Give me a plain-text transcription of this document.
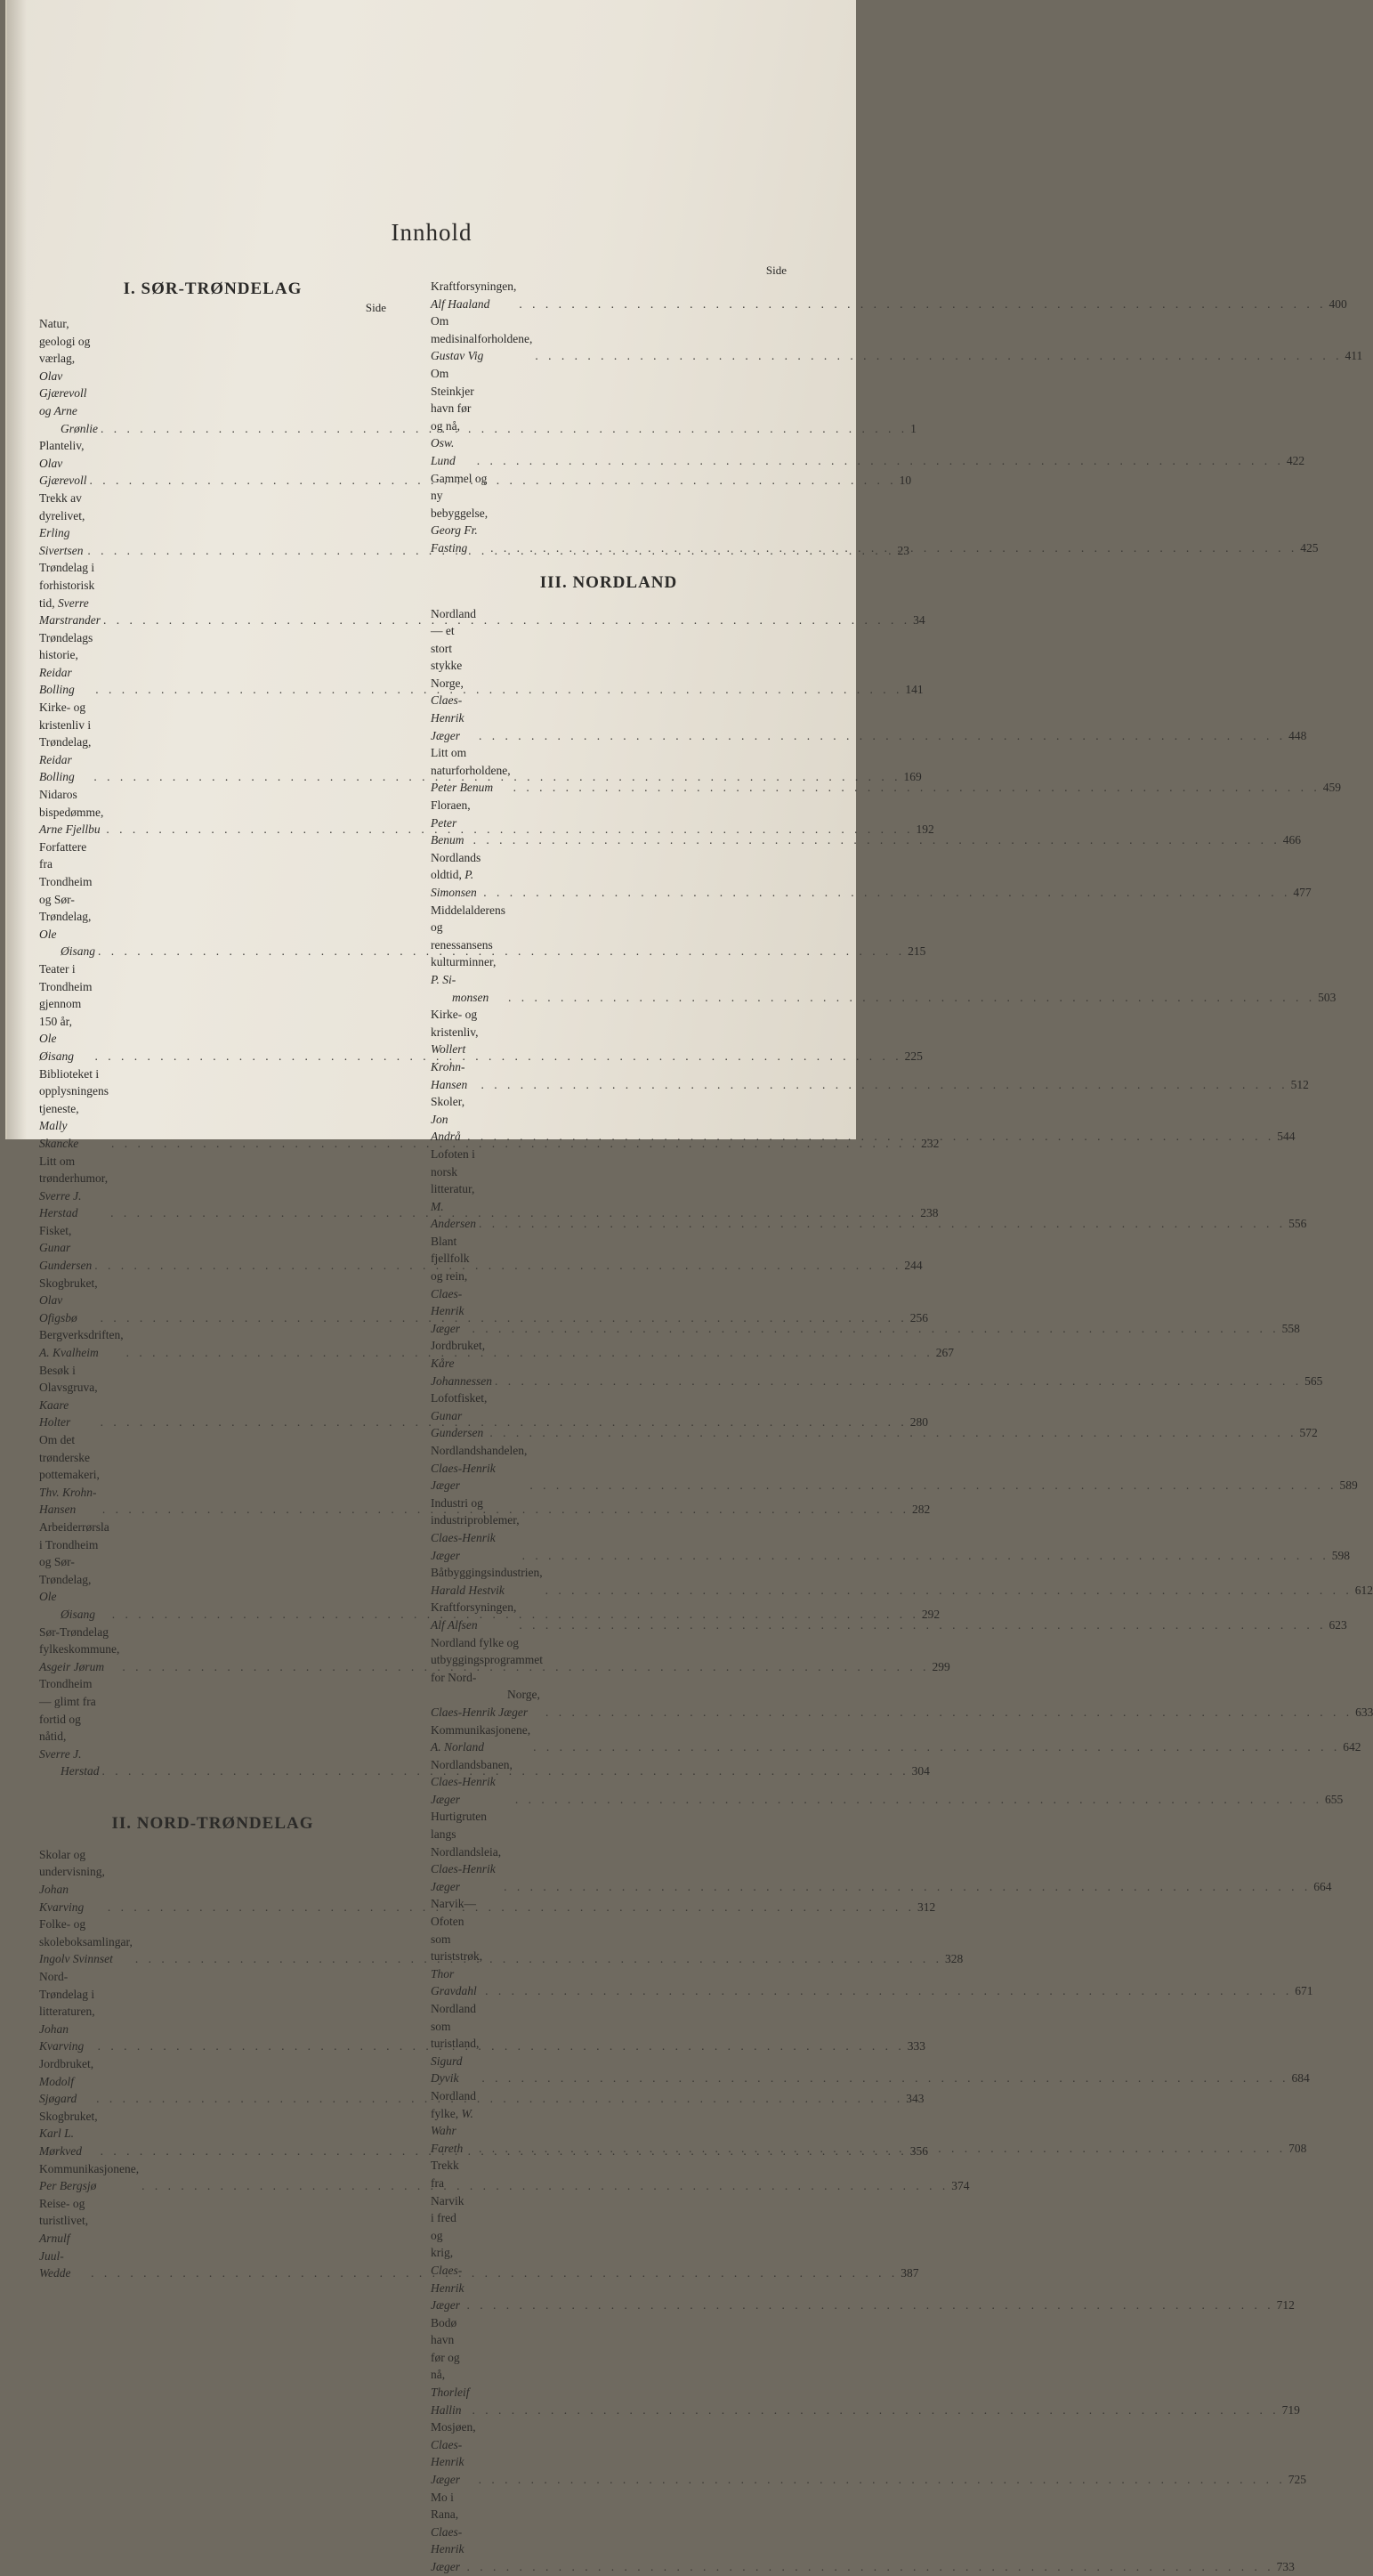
Innhold
I. SØR-TRØNDELAG

Side

Natur, geologi og værlag, Olav Gjærevoll og Arne
Grønlie . . .	1
Planteliv, Olav Gjærevoll . . .	10
Trekk av dyrelivet, Erling Sivertsen . . .	23
Trøndelag i forhistorisk tid, Sverre Marstrander . . .	34
Trøndelags historie, Reidar Bolling . . .	141
Kirke- og kristenliv i Trøndelag, Reidar Bolling . . .	169
Nidaros bispedømme, Arne Fjellbu . . .	192
Forfattere fra Trondheim og Sør-Trøndelag, Ole
Øisang . . .	215
Teater i Trondheim gjennom 150 år, Ole Øisang . . .	225
Biblioteket i opplysningens tjeneste, Mally Skancke . . .	232
Litt om trønderhumor, Sverre J. Herstad . . .	238
Fisket, Gunar Gundersen . . .	244
Skogbruket, Olav Ofigsbø . . .	256
Bergverksdriften, A. Kvalheim . . .	267
Besøk i Olavsgruva, Kaare Holter . . .	280
Om det trønderske pottemakeri, Thv. Krohn-Hansen . . .	282
Arbeiderrørsla i Trondheim og Sør-Trøndelag, Ole
Øisang . . .	292
Sør-Trøndelag fylkeskommune, Asgeir Jørum . . .	299
Trondheim — glimt fra fortid og nåtid, Sverre J.
Herstad . . .	304
II. NORD-TRØNDELAG
Skolar og undervisning, Johan Kvarving . . .	312
Folke- og skoleboksamlingar, Ingolv Svinnset . . .	328
Nord-Trøndelag i litteraturen, Johan Kvarving . . .	333
Jordbruket, Modolf Sjøgard . . .	343
Skogbruket, Karl L. Mørkved . . .	356
Kommunikasjonene, Per Bergsjø . . .	374
Reise- og turistlivet, Arnulf Juul-Wedde . . .	387

Side

Kraftforsyningen, Alf Haaland . . .	400
Om medisinalforholdene, Gustav Vig . . .	411
Om Steinkjer havn før og nå, Osw. Lund . . .	422
Gammel og ny bebyggelse, Georg Fr. Fasting . . .	425
III. NORDLAND
Nordland — et stort stykke Norge, Claes-Henrik Jæger . . .	448
Litt om naturforholdene, Peter Benum . . .	459
Floraen, Peter Benum . . .	466
Nordlands oldtid, P. Simonsen . . .	477
Middelalderens og renessansens kulturminner, P. Si-
monsen . . .	503
Kirke- og kristenliv, Wollert Krohn-Hansen . . .	512
Skoler, Jon Andrå . . .	544
Lofoten i norsk litteratur, M. Andersen . . .	556
Blant fjellfolk og rein, Claes-Henrik Jæger . . .	558
Jordbruket, Kåre Johannessen . . .	565
Lofotfisket, Gunar Gundersen . . .	572
Nordlandshandelen, Claes-Henrik Jæger . . .	589
Industri og industriproblemer, Claes-Henrik Jæger . . .	598
Båtbyggingsindustrien, Harald Hestvik . . .	612
Kraftforsyningen, Alf Alfsen . . .	623
Nordland fylke og utbyggingsprogrammet for Nord-
Norge, Claes-Henrik Jæger . . .	633
Kommunikasjonene, A. Norland . . .	642
Nordlandsbanen, Claes-Henrik Jæger . . .	655
Hurtigruten langs Nordlandsleia, Claes-Henrik Jæger . . .	664
Narvik—Ofoten som turiststrøk, Thor Gravdahl . . .	671
Nordland som turistland, Sigurd Dyvik . . .	684
Nordland fylke, W. Wahr Fareth . . .	708
Trekk fra Narvik i fred og krig, Claes-Henrik Jæger . . .	712
Bodø havn før og nå, Thorleif Hallin . . .	719
Mosjøen, Claes-Henrik Jæger . . .	725
Mo i Rana, Claes-Henrik Jæger . . .	733
